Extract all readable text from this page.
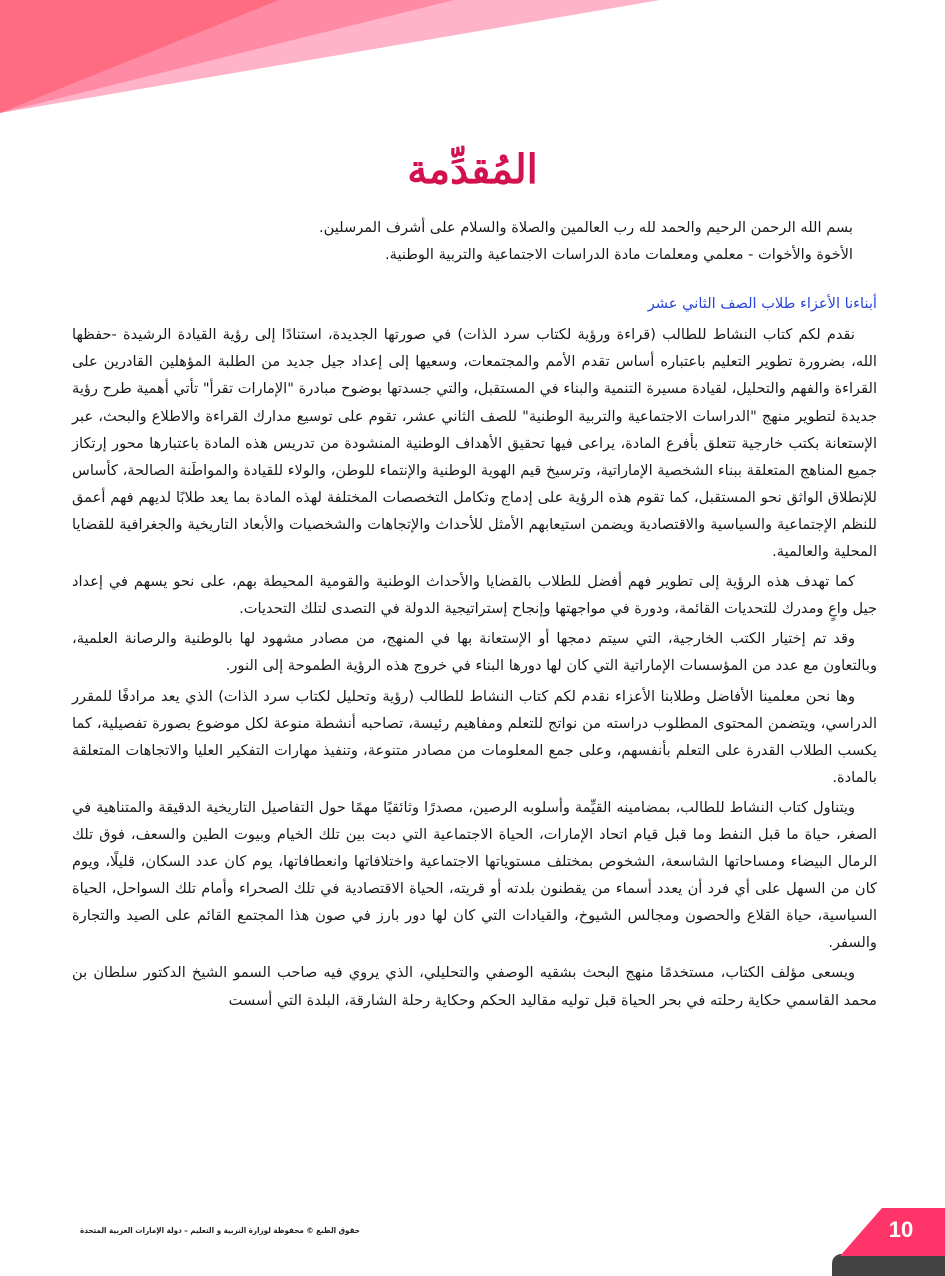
المُقدِّمة

بسم الله الرحمن الرحيم والحمد لله رب العالمين والصلاة والسلام على أشرف المرسلين.

الأخوة والأخوات - معلمي ومعلمات مادة الدراسات الاجتماعية والتربية الوطنية.

أبناءنا الأعزاء طلاب الصف الثاني عشر

نقدم لكم كتاب النشاط للطالب (قراءة ورؤية لكتاب سرد الذات) في صورتها الجديدة، استنادًا إلى رؤية القيادة الرشيدة -حفظها الله، بضرورة تطوير التعليم باعتباره أساس تقدم الأمم والمجتمعات، وسعيها إلى إعداد جيل جديد من الطلبة المؤهلين القادرين على القراءة والفهم والتحليل، لقيادة مسيرة التنمية والبناء في المستقبل، والتي جسدتها بوضوح مبادرة "الإمارات تقرأ" تأتي أهمية طرح رؤية جديدة لتطوير منهج "الدراسات الاجتماعية والتربية الوطنية" للصف الثاني عشر، تقوم على توسيع مدارك القراءة والاطلاع والبحث، عبر الإستعانة بكتب خارجية تتعلق بأفرع المادة، يراعى فيها تحقيق الأهداف الوطنية المنشودة من تدريس هذه المادة باعتبارها محور إرتكاز جميع المناهج المتعلقة ببناء الشخصية الإماراتية، وترسيخ قيم الهوية الوطنية والإنتماء للوطن، والولاء للقيادة والمواطَنة الصالحة، كأساس للإنطلاق الواثق نحو المستقبل، كما تقوم هذه الرؤية على إدماج وتكامل التخصصات المختلفة لهذه المادة بما يعد طلابًا لديهم فهم أعمق للنظم الإجتماعية والسياسية والاقتصادية ويضمن استيعابهم الأمثل للأحداث والإتجاهات والشخصيات والأبعاد التاريخية والجغرافية للقضايا المحلية والعالمية.

كما تهدف هذه الرؤية إلى تطوير فهم أفضل للطلاب بالقضايا والأحداث الوطنية والقومية المحيطة بهم، على نحو يسهم في إعداد جيل واعٍ ومدرك للتحديات القائمة، ودورة في مواجهتها وإنجاح إستراتيجية الدولة في التصدى لتلك التحديات.

وقد تم إختيار الكتب الخارجية، التي سيتم دمجها أو الإستعانة بها في المنهج، من مصادر مشهود لها بالوطنية والرصانة العلمية، وبالتعاون مع عدد من المؤسسات الإماراتية التي كان لها دورها البناء في خروج هذه الرؤية الطموحة إلى النور.

وها نحن معلمينا الأفاضل وطلابنا الأعزاء نقدم لكم كتاب النشاط للطالب (رؤية وتحليل لكتاب سرد الذات) الذي يعد مرادفًا للمقرر الدراسي، ويتضمن المحتوى المطلوب دراسته من نواتج للتعلم ومفاهيم رئيسة، تصاحبه أنشطة منوعة لكل موضوع بصورة تفصيلية، كما يكسب الطلاب القدرة على التعلم بأنفسهم، وعلى جمع المعلومات من مصادر متنوعة، وتنفيذ مهارات التفكير العليا والاتجاهات المتعلقة بالمادة.

ويتناول كتاب النشاط للطالب، بمضامينه القيِّمة وأسلوبه الرصين، مصدرًا وثائقيًا مهمًا حول التفاصيل التاريخية الدقيقة والمتناهية في الصغر، حياة ما قبل النفط وما قبل قيام اتحاد الإمارات، الحياة الاجتماعية التي دبت بين تلك الخيام وبيوت الطين والسعف، فوق تلك الرمال البيضاء ومساحاتها الشاسعة، الشخوص بمختلف مستوياتها الاجتماعية واختلافاتها وانعطافاتها، يوم كان عدد السكان، قليلًا، ويوم كان من السهل على أي فرد أن يعدد أسماء من يقطنون بلدته أو قريته، الحياة الاقتصادية في تلك الصحراء وأمام تلك السواحل، الحياة السياسية، حياة القلاع والحصون ومجالس الشيوخ، والقيادات التي كان لها دور بارز في صون هذا المجتمع القائم على الصيد والتجارة والسفر.

ويسعى مؤلف الكتاب، مستخدمًا منهج البحث بشقيه الوصفي والتحليلي، الذي يروي فيه صاحب السمو الشيخ الدكتور سلطان بن محمد القاسمي حكاية رحلته في بحر الحياة قبل توليه مقاليد الحكم وحكاية رحلة الشارقة، البلدة التي أسست

حقوق الطبع © محفوظة لوزارة التربية و التعليم – دولة الإمارات العربية المتحدة	10
